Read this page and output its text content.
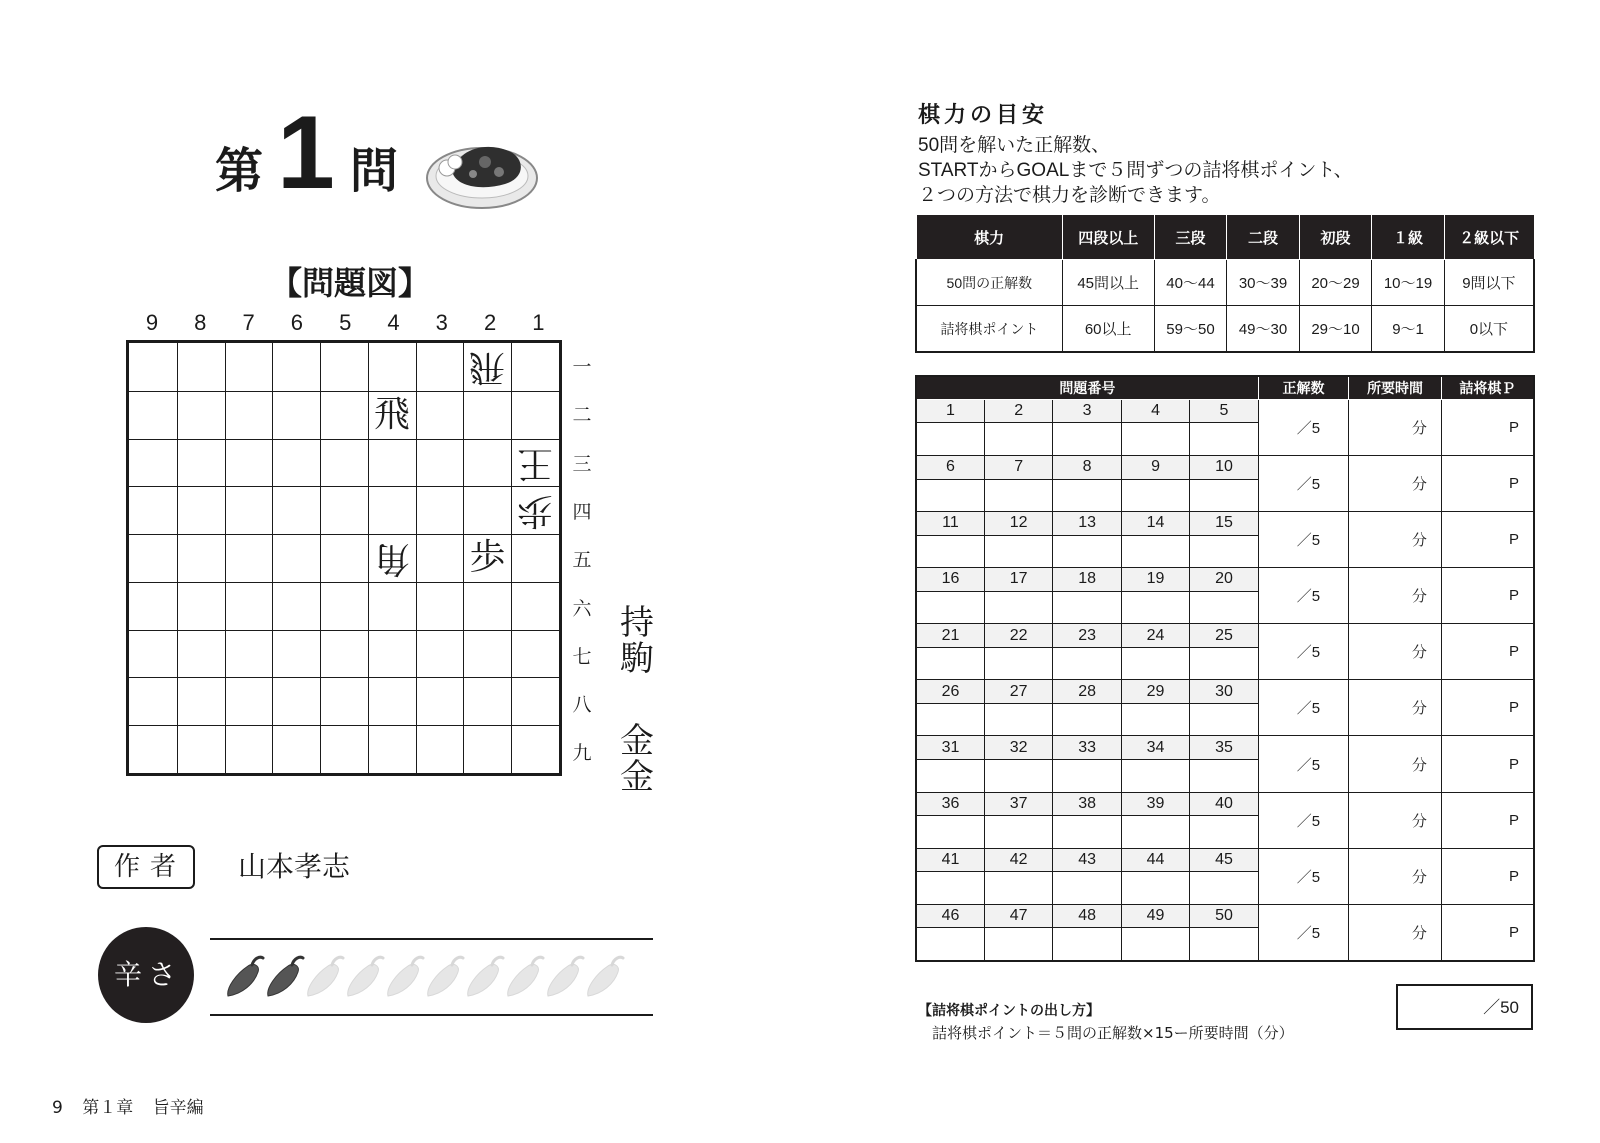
第 1 問
【問題図】
9	8	7	6	5	4	3	2	1
飛
飛
王
歩
角 歩
一
二
三
四
五
六
七
八
九
持
駒
金
金
作者	山本孝志
辛さ
9 第１章 旨辛編
棋力の目安
50問を解いた正解数、
STARTからGOALまで５問ずつの詰将棋ポイント、
２つの方法で棋力を診断できます。
棋力	四段以上	三段	二段	初段	１級	２級以下
50問の正解数	45問以上	40〜44	30〜39	20〜29	10〜19	9問以下
詰将棋ポイント	60以上	59〜50	49〜30	29〜10	9〜1	0以下
問題番号					正解数	所要時間	詰将棋Ｐ
1	2	3	4	5	／5	分	P

6	7	8	9	10	／5	分	P

11	12	13	14	15	／5	分	P

16	17	18	19	20	／5	分	P

21	22	23	24	25	／5	分	P

26	27	28	29	30	／5	分	P

31	32	33	34	35	／5	分	P

36	37	38	39	40	／5	分	P

41	42	43	44	45	／5	分	P

46	47	48	49	50	／5	分	P

【詰将棋ポイントの出し方】
詰将棋ポイント＝５問の正解数×15ー所要時間（分）
／50
